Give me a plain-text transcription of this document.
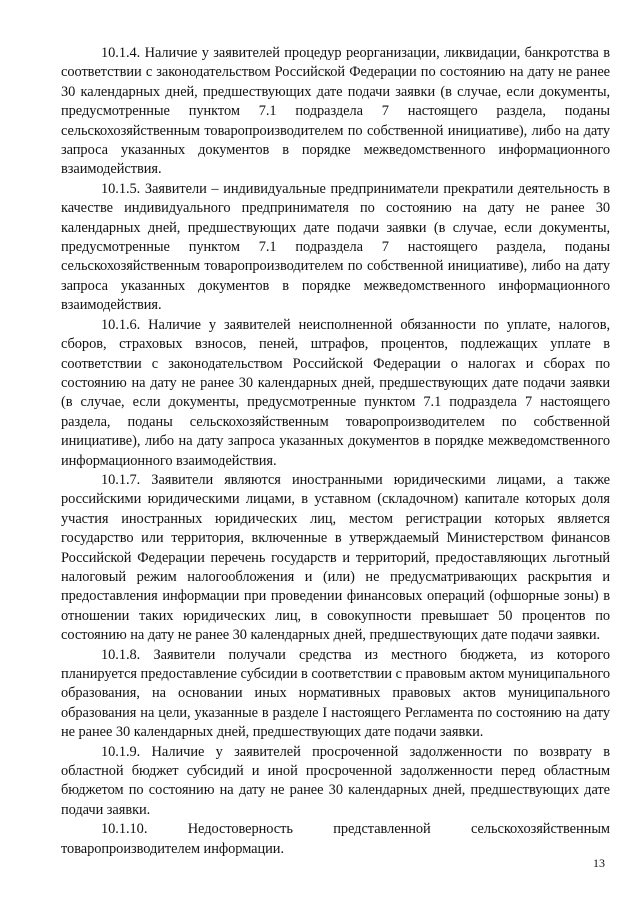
10.1.4. Наличие у заявителей процедур реорганизации, ликвидации, банкротства в соответствии с законодательством Российской Федерации по состоянию на дату не ранее 30 календарных дней, предшествующих дате подачи заявки (в случае, если документы, предусмотренные пунктом 7.1 подраздела 7 настоящего раздела, поданы сельскохозяйственным товаропроизводителем по собственной инициативе), либо на дату запроса указанных документов в порядке межведомственного информационного взаимодействия.

10.1.5. Заявители – индивидуальные предприниматели прекратили деятельность в качестве индивидуального предпринимателя по состоянию на дату не ранее 30 календарных дней, предшествующих дате подачи заявки (в случае, если документы, предусмотренные пунктом 7.1 подраздела 7 настоящего раздела, поданы сельскохозяйственным товаропроизводителем по собственной инициативе), либо на дату запроса указанных документов в порядке межведомственного информационного взаимодействия.

10.1.6. Наличие у заявителей неисполненной обязанности по уплате, налогов, сборов, страховых взносов, пеней, штрафов, процентов, подлежащих уплате в соответствии с законодательством Российской Федерации о налогах и сборах по состоянию на дату не ранее 30 календарных дней, предшествующих дате подачи заявки (в случае, если документы, предусмотренные пунктом 7.1 подраздела 7 настоящего раздела, поданы сельскохозяйственным товаропроизводителем по собственной инициативе), либо на дату запроса указанных документов в порядке межведомственного информационного взаимодействия.

10.1.7. Заявители являются иностранными юридическими лицами, а также российскими юридическими лицами, в уставном (складочном) капитале которых доля участия иностранных юридических лиц, местом регистрации которых является государство или территория, включенные в утверждаемый Министерством финансов Российской Федерации перечень государств и территорий, предоставляющих льготный налоговый режим налогообложения и (или) не предусматривающих раскрытия и предоставления информации при проведении финансовых операций (офшорные зоны) в отношении таких юридических лиц, в совокупности превышает 50 процентов по состоянию на дату не ранее 30 календарных дней, предшествующих дате подачи заявки.

10.1.8. Заявители получали средства из местного бюджета, из которого планируется предоставление субсидии в соответствии с правовым актом муниципального образования, на основании иных нормативных правовых актов муниципального образования на цели, указанные в разделе I настоящего Регламента по состоянию на дату не ранее 30 календарных дней, предшествующих дате подачи заявки.

10.1.9. Наличие у заявителей просроченной задолженности по возврату в областной бюджет субсидий и иной просроченной задолженности перед областным бюджетом по состоянию на дату не ранее 30 календарных дней, предшествующих дате подачи заявки.

10.1.10. Недостоверность представленной сельскохозяйственным товаропроизводителем информации.

13
